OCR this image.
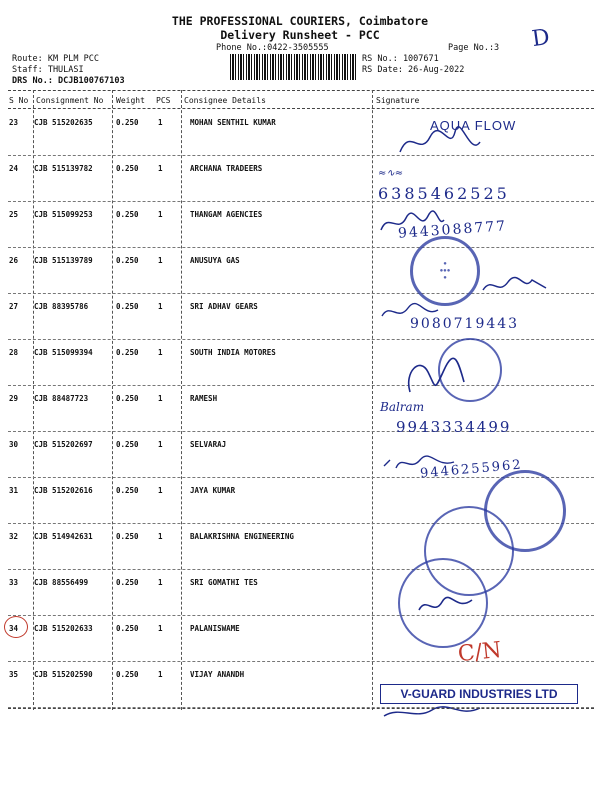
THE PROFESSIONAL COURIERS, Coimbatore
Delivery Runsheet - PCC
Phone No.:0422-3505555	Page No.:3
Route: KM PLM PCC
Staff: THULASI
DRS No.: DCJB100767103
RS No.: 1007671
RS Date: 26-Aug-2022
D
S No Consignment No Weight PCS Consignee Details	Signature
23 CJB 515202635	0.250	1	MOHAN SENTHIL KUMAR
24 CJB 515139782	0.250	1	ARCHANA TRADEERS
25 CJB 515099253	0.250	1	THANGAM AGENCIES
26 CJB 515139789	0.250	1	ANUSUYA GAS
27 CJB 88395786	0.250	1	SRI ADHAV GEARS
28 CJB 515099394	0.250	1	SOUTH INDIA MOTORES
29 CJB 88487723	0.250	1	RAMESH
30 CJB 515202697	0.250	1	SELVARAJ
31 CJB 515202616	0.250	1	JAYA KUMAR
32 CJB 514942631	0.250	1	BALAKRISHNA ENGINEERING
33 CJB 88556499	0.250	1	SRI GOMATHI TES
34 CJB 515202633	0.250	1	PALANISWAME
35 CJB 515202590	0.250	1	VIJAY ANANDH
AQUA FLOW
≈∿≈
6385462525
9443088777
●
●●●
●
9080719443
Balram
9943334499
9446255962
C/N
V-GUARD INDUSTRIES LTD
